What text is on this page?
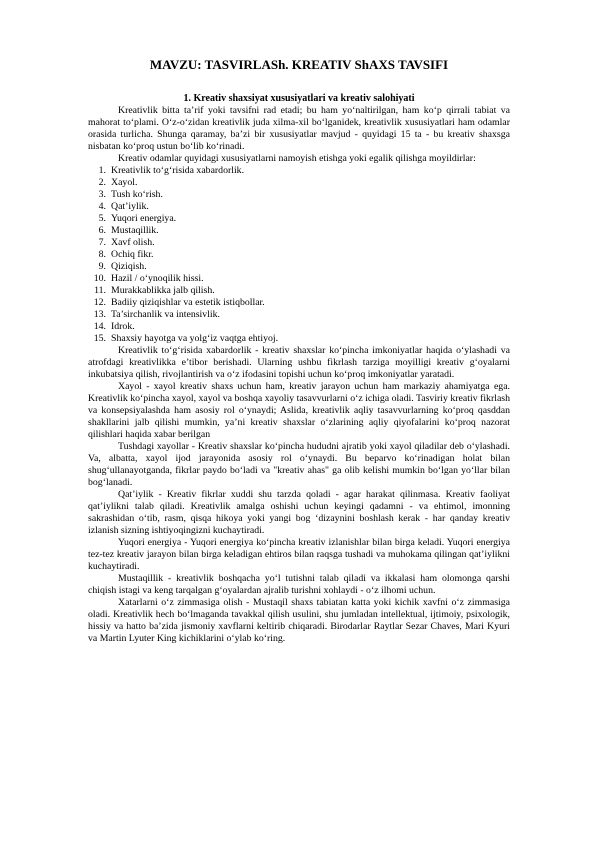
MAVZU: TASVIRLASh. KREATIV ShAXS TAVSIFI
1. Kreativ shaxsiyat xususiyatlari va kreativ salohiyati

Kreativlik bitta ta’rif yoki tavsifni rad etadi; bu ham yo‘naltirilgan, ham ko‘p qirrali tabiat va mahorat to‘plami. O‘z-o‘zidan kreativlik juda xilma-xil bo‘lganidek, kreativlik xususiyatlari ham odamlar orasida turlicha. Shunga qaramay, ba’zi bir xususiyatlar mavjud - quyidagi 15 ta - bu kreativ shaxsga nisbatan ko‘proq ustun bo‘lib ko‘rinadi.

Kreativ odamlar quyidagi xususiyatlarni namoyish etishga yoki egalik qilishga moyildirlar:

1. Kreativlik to‘g‘risida xabardorlik.
2. Xayol.
3. Tush ko‘rish.
4. Qat’iylik.
5. Yuqori energiya.
6. Mustaqillik.
7. Xavf olish.
8. Ochiq fikr.
9. Qiziqish.
10. Hazil / o‘ynoqilik hissi.
11. Murakkablikka jalb qilish.
12. Badiiy qiziqishlar va estetik istiqbollar.
13. Ta’sirchanlik va intensivlik.
14. Idrok.
15. Shaxsiy hayotga va yolg‘iz vaqtga ehtiyoj.

Kreativlik to‘g‘risida xabardorlik - kreativ shaxslar ko‘pincha imkoniyatlar haqida o‘ylashadi va atrofdagi kreativlikka e’tibor berishadi. Ularning ushbu fikrlash tarziga moyilligi kreativ g‘oyalarni inkubatsiya qilish, rivojlantirish va o‘z ifodasini topishi uchun ko‘proq imkoniyatlar yaratadi.

Xayol - xayol kreativ shaxs uchun ham, kreativ jarayon uchun ham markaziy ahamiyatga ega. Kreativlik ko‘pincha xayol, xayol va boshqa xayoliy tasavvurlarni o‘z ichiga oladi. Tasviriy kreativ fikrlash va konsepsiyalashda ham asosiy rol o‘ynaydi; Aslida, kreativlik aqliy tasavvurlarning ko‘proq qasddan shakllarini jalb qilishi mumkin, ya’ni kreativ shaxslar o‘zlarining aqliy qiyofalarini ko‘proq nazorat qilishlari haqida xabar berilgan

Tushdagi xayollar - Kreativ shaxslar ko‘pincha hududni ajratib yoki xayol qiladilar deb o‘ylashadi. Va, albatta, xayol ijod jarayonida asosiy rol o‘ynaydi. Bu beparvo ko‘rinadigan holat bilan shug‘ullanayotganda, fikrlar paydo bo‘ladi va "kreativ ahas" ga olib kelishi mumkin bo‘lgan yo‘llar bilan bog‘lanadi.

Qat’iylik - Kreativ fikrlar xuddi shu tarzda qoladi - agar harakat qilinmasa. Kreativ faoliyat qat’iylikni talab qiladi. Kreativlik amalga oshishi uchun keyingi qadamni - va ehtimol, imonning sakrashidan o‘tib, rasm, qisqa hikoya yoki yangi bog ‘dizaynini boshlash kerak - har qanday kreativ izlanish sizning ishtiyoqingizni kuchaytiradi.

Yuqori energiya - Yuqori energiya ko‘pincha kreativ izlanishlar bilan birga keladi. Yuqori energiya tez-tez kreativ jarayon bilan birga keladigan ehtiros bilan raqsga tushadi va muhokama qilingan qat’iylikni kuchaytiradi.

Mustaqillik - kreativlik boshqacha yo‘l tutishni talab qiladi va ikkalasi ham olomonga qarshi chiqish istagi va keng tarqalgan g‘oyalardan ajralib turishni xohlaydi - o‘z ilhomi uchun.

Xatarlarni o‘z zimmasiga olish - Mustaqil shaxs tabiatan katta yoki kichik xavfni o‘z zimmasiga oladi. Kreativlik hech bo‘lmaganda tavakkal qilish usulini, shu jumladan intellektual, ijtimoiy, psixologik, hissiy va hatto ba’zida jismoniy xavflarni keltirib chiqaradi. Birodarlar Raytlar Sezar Chaves, Mari Kyuri va Martin Lyuter King kichiklarini o‘ylab ko‘ring.
